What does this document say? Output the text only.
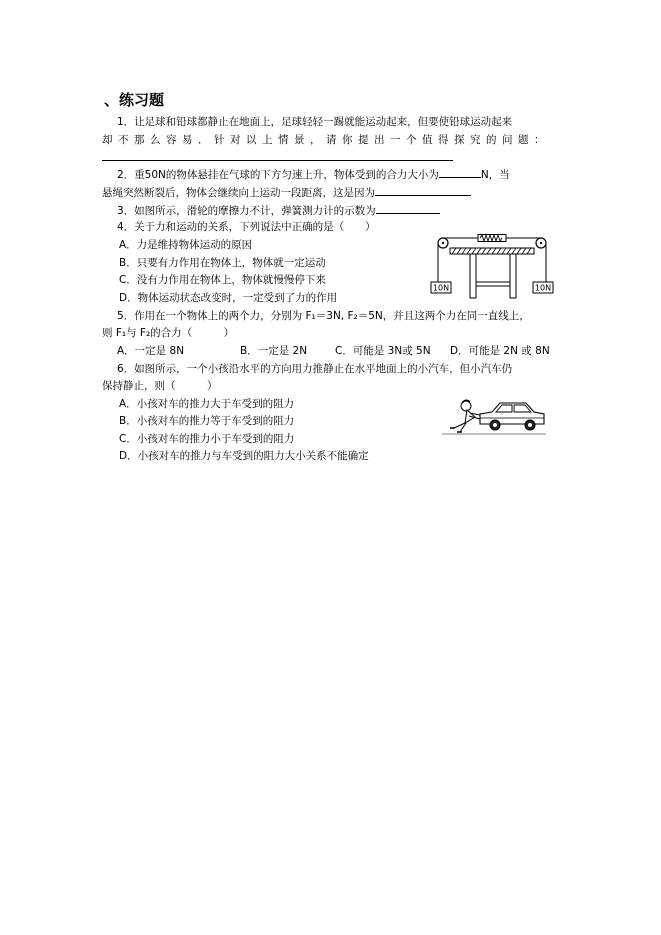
、练习题
1．让足球和铅球都静止在地面上，足球轻轻一踢就能运动起来，但要使铅球运动起来
却不那么容易．针对以上情景，请你提出一个值得探究的问题：
2．重50N的物体悬挂在气球的下方匀速上升，物体受到的合力大小为	N，当
悬绳突然断裂后，物体会继续向上运动一段距离，这是因为
3．如图所示，滑轮的摩擦力不计，弹簧测力计的示数为
4．关于力和运动的关系，下列说法中正确的是（　　）
A．力是维持物体运动的原因
B．只要有力作用在物体上，物体就一定运动
C．没有力作用在物体上，物体就慢慢停下来
D．物体运动状态改变时，一定受到了力的作用
10N	10N
5．作用在一个物体上的两个力，分别为 F₁＝3N, F₂＝5N，并且这两个力在同一直线上，
则 F₁与 F₂的合力（　　　）
A．一定是 8N	B．一定是 2N	C．可能是 3N或 5N D．可能是 2N 或 8N
6．如图所示，一个小孩沿水平的方向用力推静止在水平地面上的小汽车，但小汽车仍
保持静止，则（　　　）
A．小孩对车的推力大于车受到的阻力
B．小孩对车的推力等于车受到的阻力
C．小孩对车的推力小于车受到的阻力
D．小孩对车的推力与车受到的阻力大小关系不能确定
